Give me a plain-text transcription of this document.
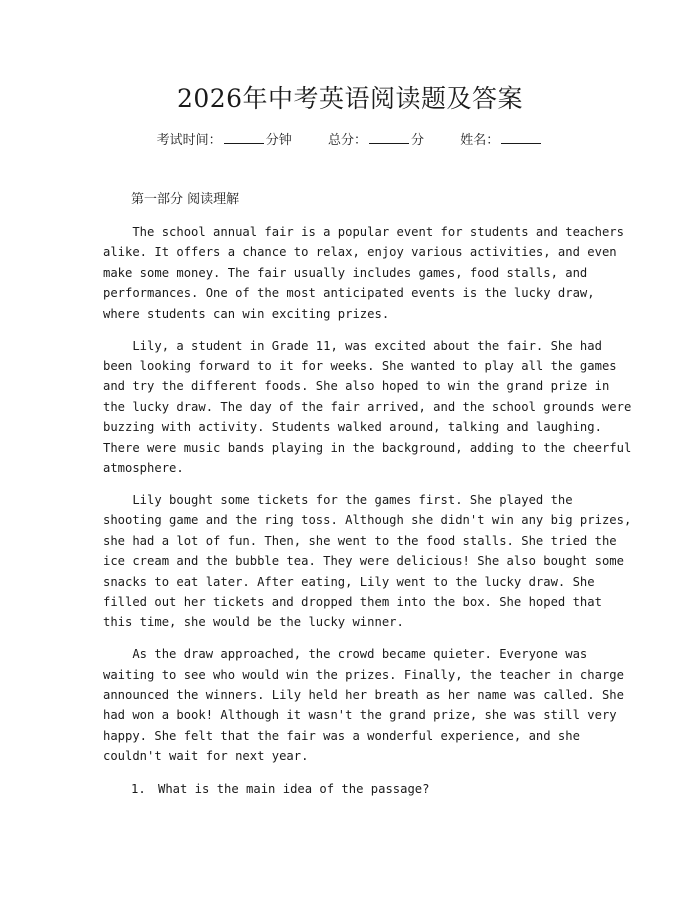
2026年中考英语阅读题及答案
考试时间：	分钟	总分：	分	姓名：
第一部分 阅读理解

The school annual fair is a popular event for students and teachers
alike. It offers a chance to relax, enjoy various activities, and even
make some money. The fair usually includes games, food stalls, and
performances. One of the most anticipated events is the lucky draw,
where students can win exciting prizes.

Lily, a student in Grade 11, was excited about the fair. She had
been looking forward to it for weeks. She wanted to play all the games
and try the different foods. She also hoped to win the grand prize in
the lucky draw. The day of the fair arrived, and the school grounds were
buzzing with activity. Students walked around, talking and laughing.
There were music bands playing in the background, adding to the cheerful
atmosphere.

Lily bought some tickets for the games first. She played the
shooting game and the ring toss. Although she didn't win any big prizes,
she had a lot of fun. Then, she went to the food stalls. She tried the
ice cream and the bubble tea. They were delicious! She also bought some
snacks to eat later. After eating, Lily went to the lucky draw. She
filled out her tickets and dropped them into the box. She hoped that
this time, she would be the lucky winner.

As the draw approached, the crowd became quieter. Everyone was
waiting to see who would win the prizes. Finally, the teacher in charge
announced the winners. Lily held her breath as her name was called. She
had won a book! Although it wasn't the grand prize, she was still very
happy. She felt that the fair was a wonderful experience, and she
couldn't wait for next year.

1. What is the main idea of the passage?
